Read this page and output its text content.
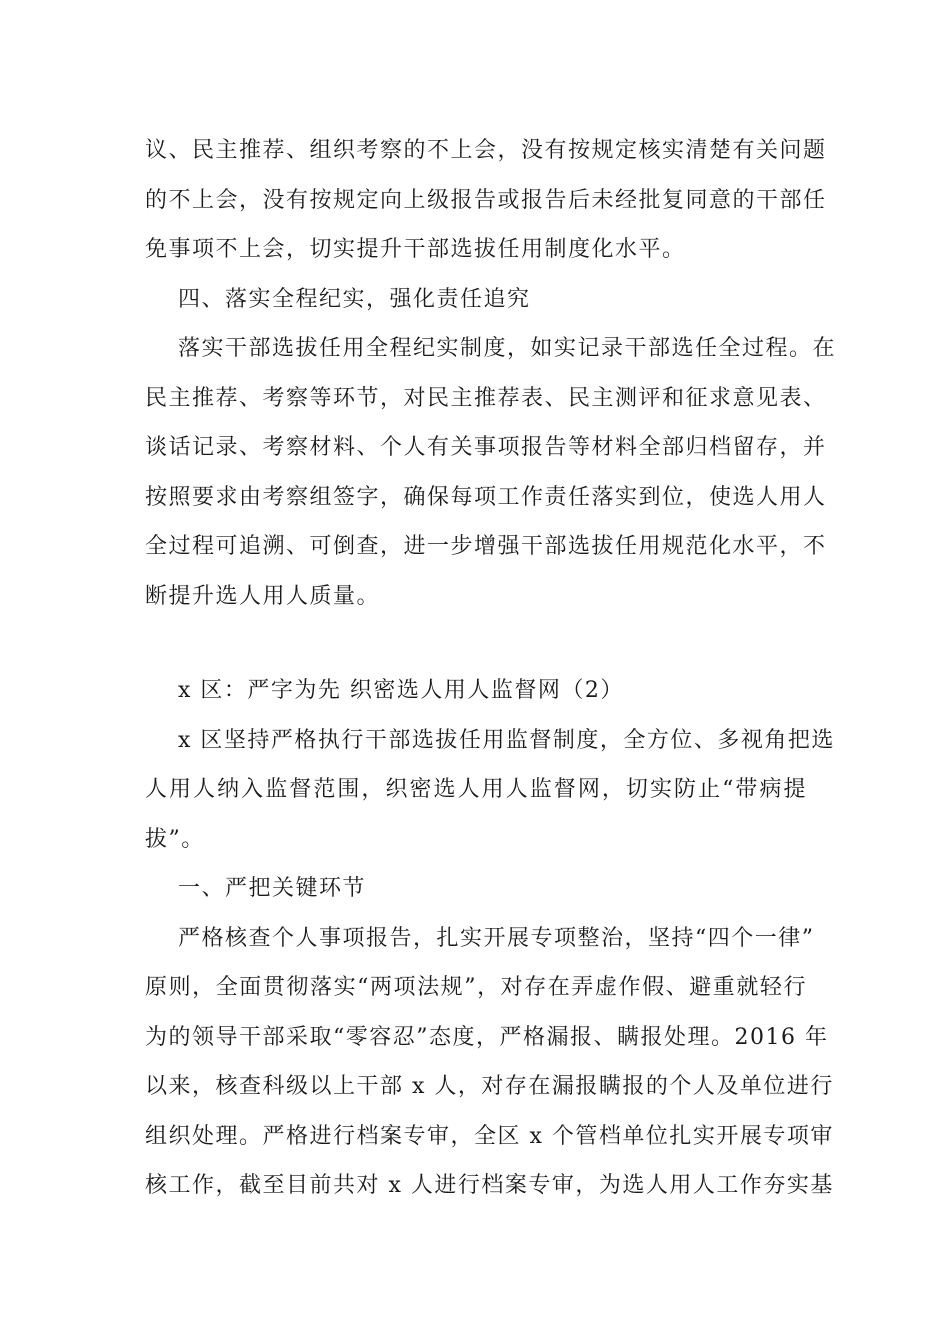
议、民主推荐、组织考察的不上会，没有按规定核实清楚有关问题
的不上会，没有按规定向上级报告或报告后未经批复同意的干部任
免事项不上会，切实提升干部选拔任用制度化水平。
四、落实全程纪实，强化责任追究
落实干部选拔任用全程纪实制度，如实记录干部选任全过程。在
民主推荐、考察等环节，对民主推荐表、民主测评和征求意见表、
谈话记录、考察材料、个人有关事项报告等材料全部归档留存，并
按照要求由考察组签字，确保每项工作责任落实到位，使选人用人
全过程可追溯、可倒查，进一步增强干部选拔任用规范化水平，不
断提升选人用人质量。
x 区：严字为先 织密选人用人监督网（2）
x 区坚持严格执行干部选拔任用监督制度，全方位、多视角把选
人用人纳入监督范围，织密选人用人监督网，切实防止“带病提
拔”。
一、严把关键环节
严格核查个人事项报告，扎实开展专项整治，坚持“四个一律”
原则，全面贯彻落实“两项法规”，对存在弄虚作假、避重就轻行
为的领导干部采取“零容忍”态度，严格漏报、瞒报处理。2016 年
以来，核查科级以上干部 x 人，对存在漏报瞒报的个人及单位进行
组织处理。严格进行档案专审，全区 x 个管档单位扎实开展专项审
核工作，截至目前共对 x 人进行档案专审，为选人用人工作夯实基
